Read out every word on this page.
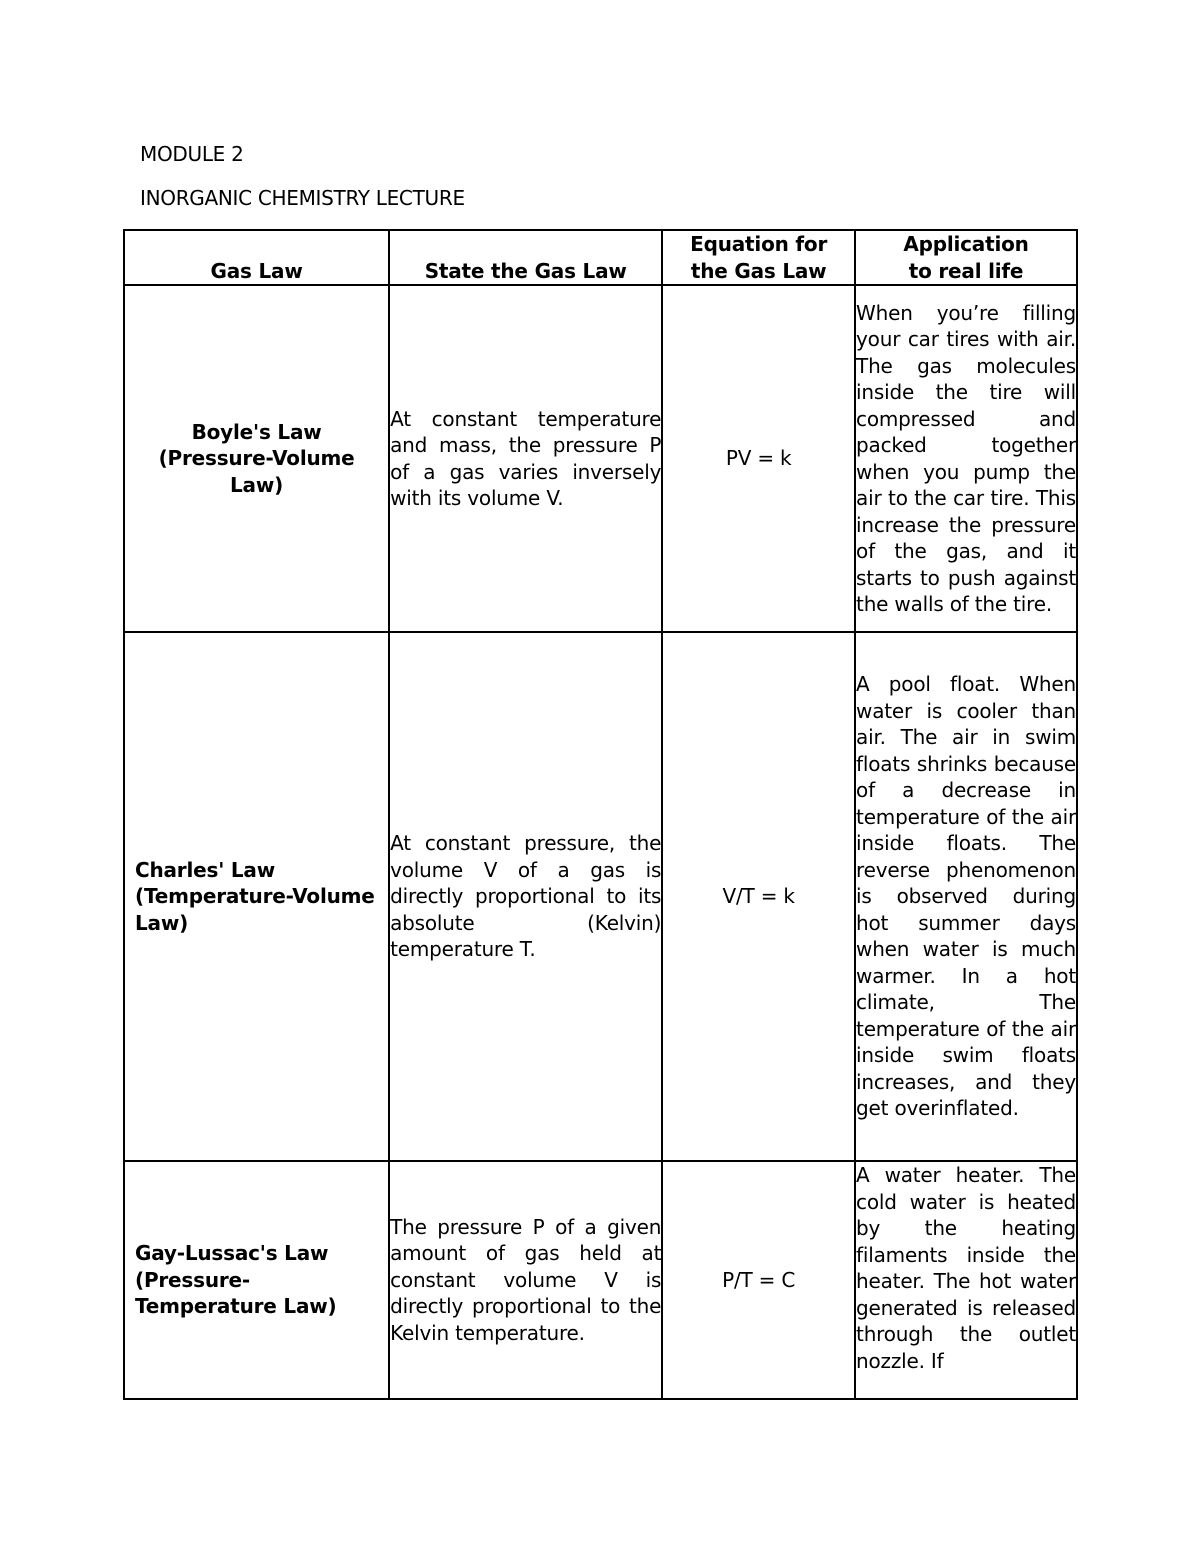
MODULE 2
INORGANIC CHEMISTRY LECTURE
Gas Law	State the Gas Law	Equation for the Gas Law	Application to real life

Boyle's Law
(Pressure-Volume Law)	At constant temperature and mass, the pressure P of a gas varies inversely with its volume V.	PV = k	When you’re filling your car tires with air. The gas molecules inside the tire will compressed and packed together when you pump the air to the car tire. This increase the pressure of the gas, and it starts to push against the walls of the tire.

Charles' Law
(Temperature-Volume Law)	At constant pressure, the volume V of a gas is directly proportional to its absolute (Kelvin) temperature T.	V/T = k	A pool float. When water is cooler than air. The air in swim floats shrinks because of a decrease in temperature of the air inside floats. The reverse phenomenon is observed during hot summer days when water is much warmer. In a hot climate, The temperature of the air inside swim floats increases, and they get overinflated.

Gay-Lussac's Law
(Pressure-Temperature Law)	The pressure P of a given amount of gas held at constant volume V is directly proportional to the Kelvin temperature.	P/T = C	A water heater. The cold water is heated by the heating filaments inside the heater. The hot water generated is released through the outlet nozzle. If
